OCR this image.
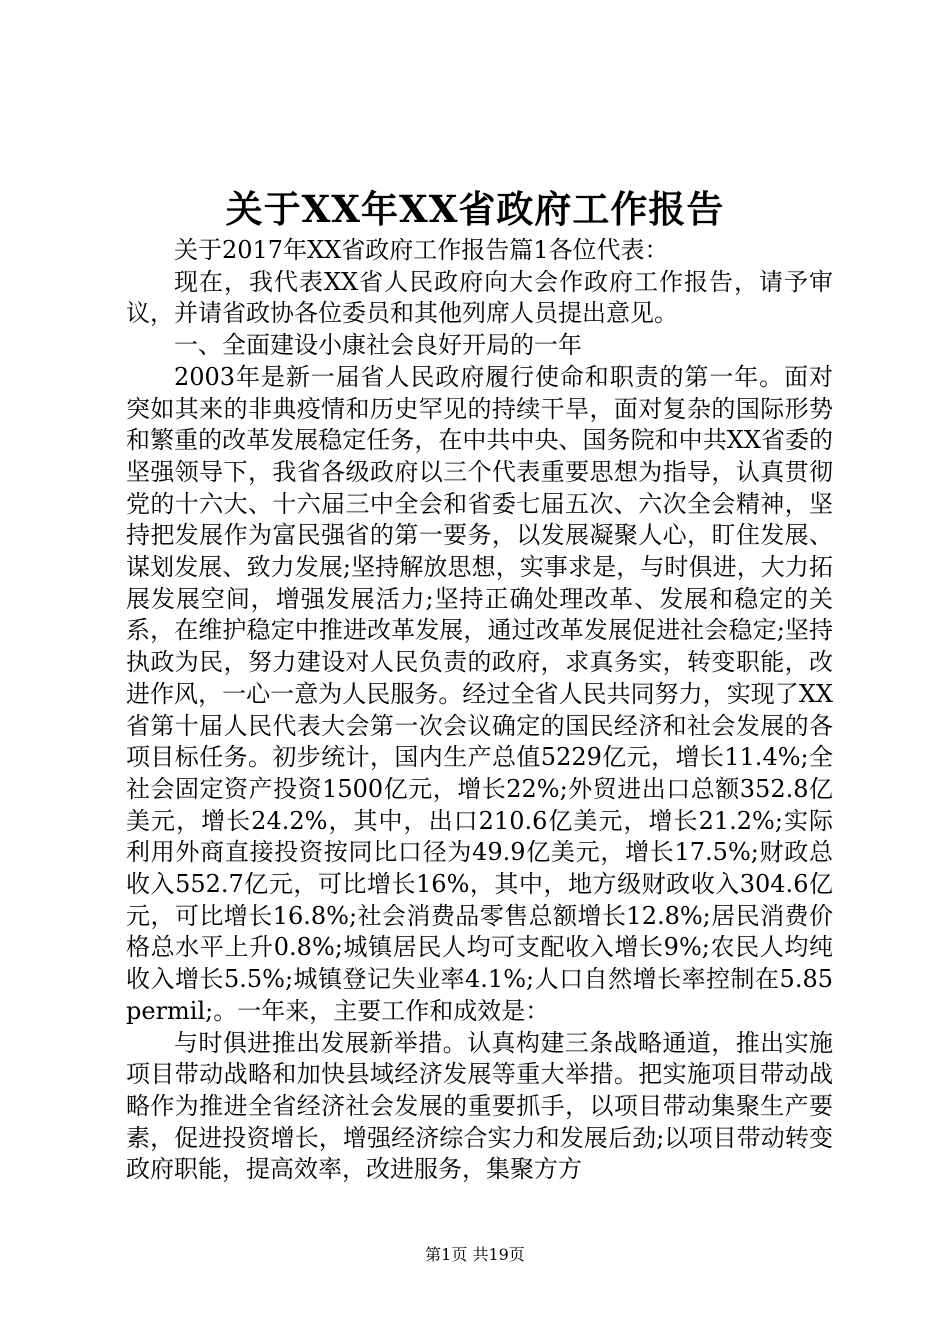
关于XX年XX省政府工作报告

关于2017年XX省政府工作报告篇1各位代表：

现在，我代表XX省人民政府向大会作政府工作报告，请予审议，并请省政协各位委员和其他列席人员提出意见。

一、全面建设小康社会良好开局的一年

2003年是新一届省人民政府履行使命和职责的第一年。面对突如其来的非典疫情和历史罕见的持续干旱，面对复杂的国际形势和繁重的改革发展稳定任务，在中共中央、国务院和中共XX省委的坚强领导下，我省各级政府以三个代表重要思想为指导，认真贯彻党的十六大、十六届三中全会和省委七届五次、六次全会精神，坚持把发展作为富民强省的第一要务，以发展凝聚人心，盯住发展、谋划发展、致力发展;坚持解放思想，实事求是，与时俱进，大力拓展发展空间，增强发展活力;坚持正确处理改革、发展和稳定的关系，在维护稳定中推进改革发展，通过改革发展促进社会稳定;坚持执政为民，努力建设对人民负责的政府，求真务实，转变职能，改进作风，一心一意为人民服务。经过全省人民共同努力，实现了XX省第十届人民代表大会第一次会议确定的国民经济和社会发展的各项目标任务。初步统计，国内生产总值5229亿元，增长11.4%;全社会固定资产投资1500亿元，增长22%;外贸进出口总额352.8亿美元，增长24.2%，其中，出口210.6亿美元，增长21.2%;实际利用外商直接投资按同比口径为49.9亿美元，增长17.5%;财政总收入552.7亿元，可比增长16%，其中，地方级财政收入304.6亿元，可比增长16.8%;社会消费品零售总额增长12.8%;居民消费价格总水平上升0.8%;城镇居民人均可支配收入增长9%;农民人均纯收入增长5.5%;城镇登记失业率4.1%;人口自然增长率控制在5.85permil;。一年来，主要工作和成效是：

与时俱进推出发展新举措。认真构建三条战略通道，推出实施项目带动战略和加快县域经济发展等重大举措。把实施项目带动战略作为推进全省经济社会发展的重要抓手，以项目带动集聚生产要素，促进投资增长，增强经济综合实力和发展后劲;以项目带动转变政府职能，提高效率，改进服务，集聚方方

第1页 共19页
